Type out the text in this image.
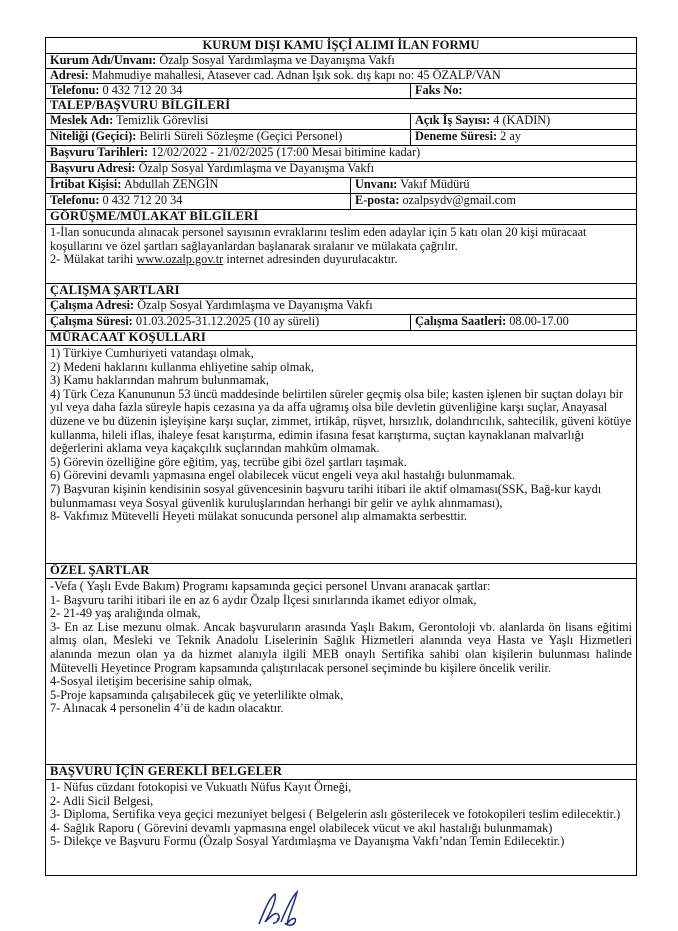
KURUM DIŞI KAMU İŞÇİ ALIMI İLAN FORMU
Kurum Adı/Unvanı: Özalp Sosyal Yardımlaşma ve Dayanışma Vakfı
Adresi: Mahmudiye mahallesi, Atasever cad. Adnan Işık sok. dış kapı no: 45 ÖZALP/VAN
Telefonu: 0 432 712 20 34	Faks No:
TALEP/BAŞVURU BİLGİLERİ
Meslek Adı: Temizlik Görevlisi	Açık İş Sayısı: 4 (KADIN)
Niteliği (Geçici): Belirli Süreli Sözleşme (Geçici Personel)	Deneme Süresi: 2 ay
Başvuru Tarihleri: 12/02/2022 - 21/02/2025 (17:00 Mesai bitimine kadar)
Başvuru Adresi: Özalp Sosyal Yardımlaşma ve Dayanışma Vakfı
İrtibat Kişisi: Abdullah ZENGİN	Unvanı: Vakıf Müdürü
Telefonu: 0 432 712 20 34	E-posta: ozalpsydv@gmail.com
GÖRÜŞME/MÜLAKAT BİLGİLERİ

1-İlan sonucunda alınacak personel sayısının evraklarını teslim eden adaylar için 5 katı olan 20 kişi müracaat koşullarını ve özel şartları sağlayanlardan başlanarak sıralanır ve mülakata çağrılır.

2- Mülakat tarihi www.ozalp.gov.tr internet adresinden duyurulacaktır.

ÇALIŞMA ŞARTLARI
Çalışma Adresi: Özalp Sosyal Yardımlaşma ve Dayanışma Vakfı
Çalışma Süresi: 01.03.2025-31.12.2025 (10 ay süreli)	Çalışma Saatleri: 08.00-17.00
MÜRACAAT KOŞULLARI

1) Türkiye Cumhuriyeti vatandaşı olmak,

2) Medeni haklarını kullanma ehliyetine sahip olmak,

3) Kamu haklarından mahrum bulunmamak,

4) Türk Ceza Kanununun 53 üncü maddesinde belirtilen süreler geçmiş olsa bile; kasten işlenen bir suçtan dolayı bir yıl veya daha fazla süreyle hapis cezasına ya da affa uğramış olsa bile devletin güvenliğine karşı suçlar, Anayasal düzene ve bu düzenin işleyişine karşı suçlar, zimmet, irtikâp, rüşvet, hırsızlık, dolandırıcılık, sahtecilik, güveni kötüye kullanma, hileli iflas, ihaleye fesat karıştırma, edimin ifasına fesat karıştırma, suçtan kaynaklanan malvarlığı değerlerini aklama veya kaçakçılık suçlarından mahkûm olmamak.

5) Görevin özelliğine göre eğitim, yaş, tecrübe gibi özel şartları taşımak.

6) Görevini devamlı yapmasına engel olabilecek vücut engeli veya akıl hastalığı bulunmamak.

7) Başvuran kişinin kendisinin sosyal güvencesinin başvuru tarihi itibari ile aktif olmaması(SSK, Bağ-kur kaydı bulunmaması veya Sosyal güvenlik kuruluşlarından herhangi bir gelir ve aylık alınmaması),

8- Vakfımız Mütevelli Heyeti mülakat sonucunda personel alıp almamakta serbesttir.

ÖZEL ŞARTLAR

-Vefa ( Yaşlı Evde Bakım) Programı kapsamında geçici personel Unvanı aranacak şartlar:

1- Başvuru tarihi itibari ile en az 6 aydır Özalp İlçesi sınırlarında ikamet ediyor olmak,

2- 21-49 yaş aralığında olmak,

3- En az Lise mezunu olmak. Ancak başvuruların arasında Yaşlı Bakım, Gerontoloji vb. alanlarda ön lisans eğitimi almış olan, Mesleki ve Teknik Anadolu Liselerinin Sağlık Hizmetleri alanında veya Hasta ve Yaşlı Hizmetleri alanında mezun olan ya da hizmet alanıyla ilgili MEB onaylı Sertifika sahibi olan kişilerin bulunması halinde Mütevelli Heyetince Program kapsamında çalıştırılacak personel seçiminde bu kişilere öncelik verilir.

4-Sosyal iletişim becerisine sahip olmak,

5-Proje kapsamında çalışabilecek güç ve yeterlilikte olmak,

7- Alınacak 4 personelin 4’ü de kadın olacaktır.

BAŞVURU İÇİN GEREKLİ BELGELER

1- Nüfus cüzdanı fotokopisi ve Vukuatlı Nüfus Kayıt Örneği,

2- Adli Sicil Belgesi,

3- Diploma, Sertifika veya geçici mezuniyet belgesi ( Belgelerin aslı gösterilecek ve fotokopileri teslim edilecektir.)

4- Sağlık Raporu ( Görevini devamlı yapmasına engel olabilecek vücut ve akıl hastalığı bulunmamak)

5- Dilekçe ve Başvuru Formu (Özalp Sosyal Yardımlaşma ve Dayanışma Vakfı’ndan Temin Edilecektir.)
